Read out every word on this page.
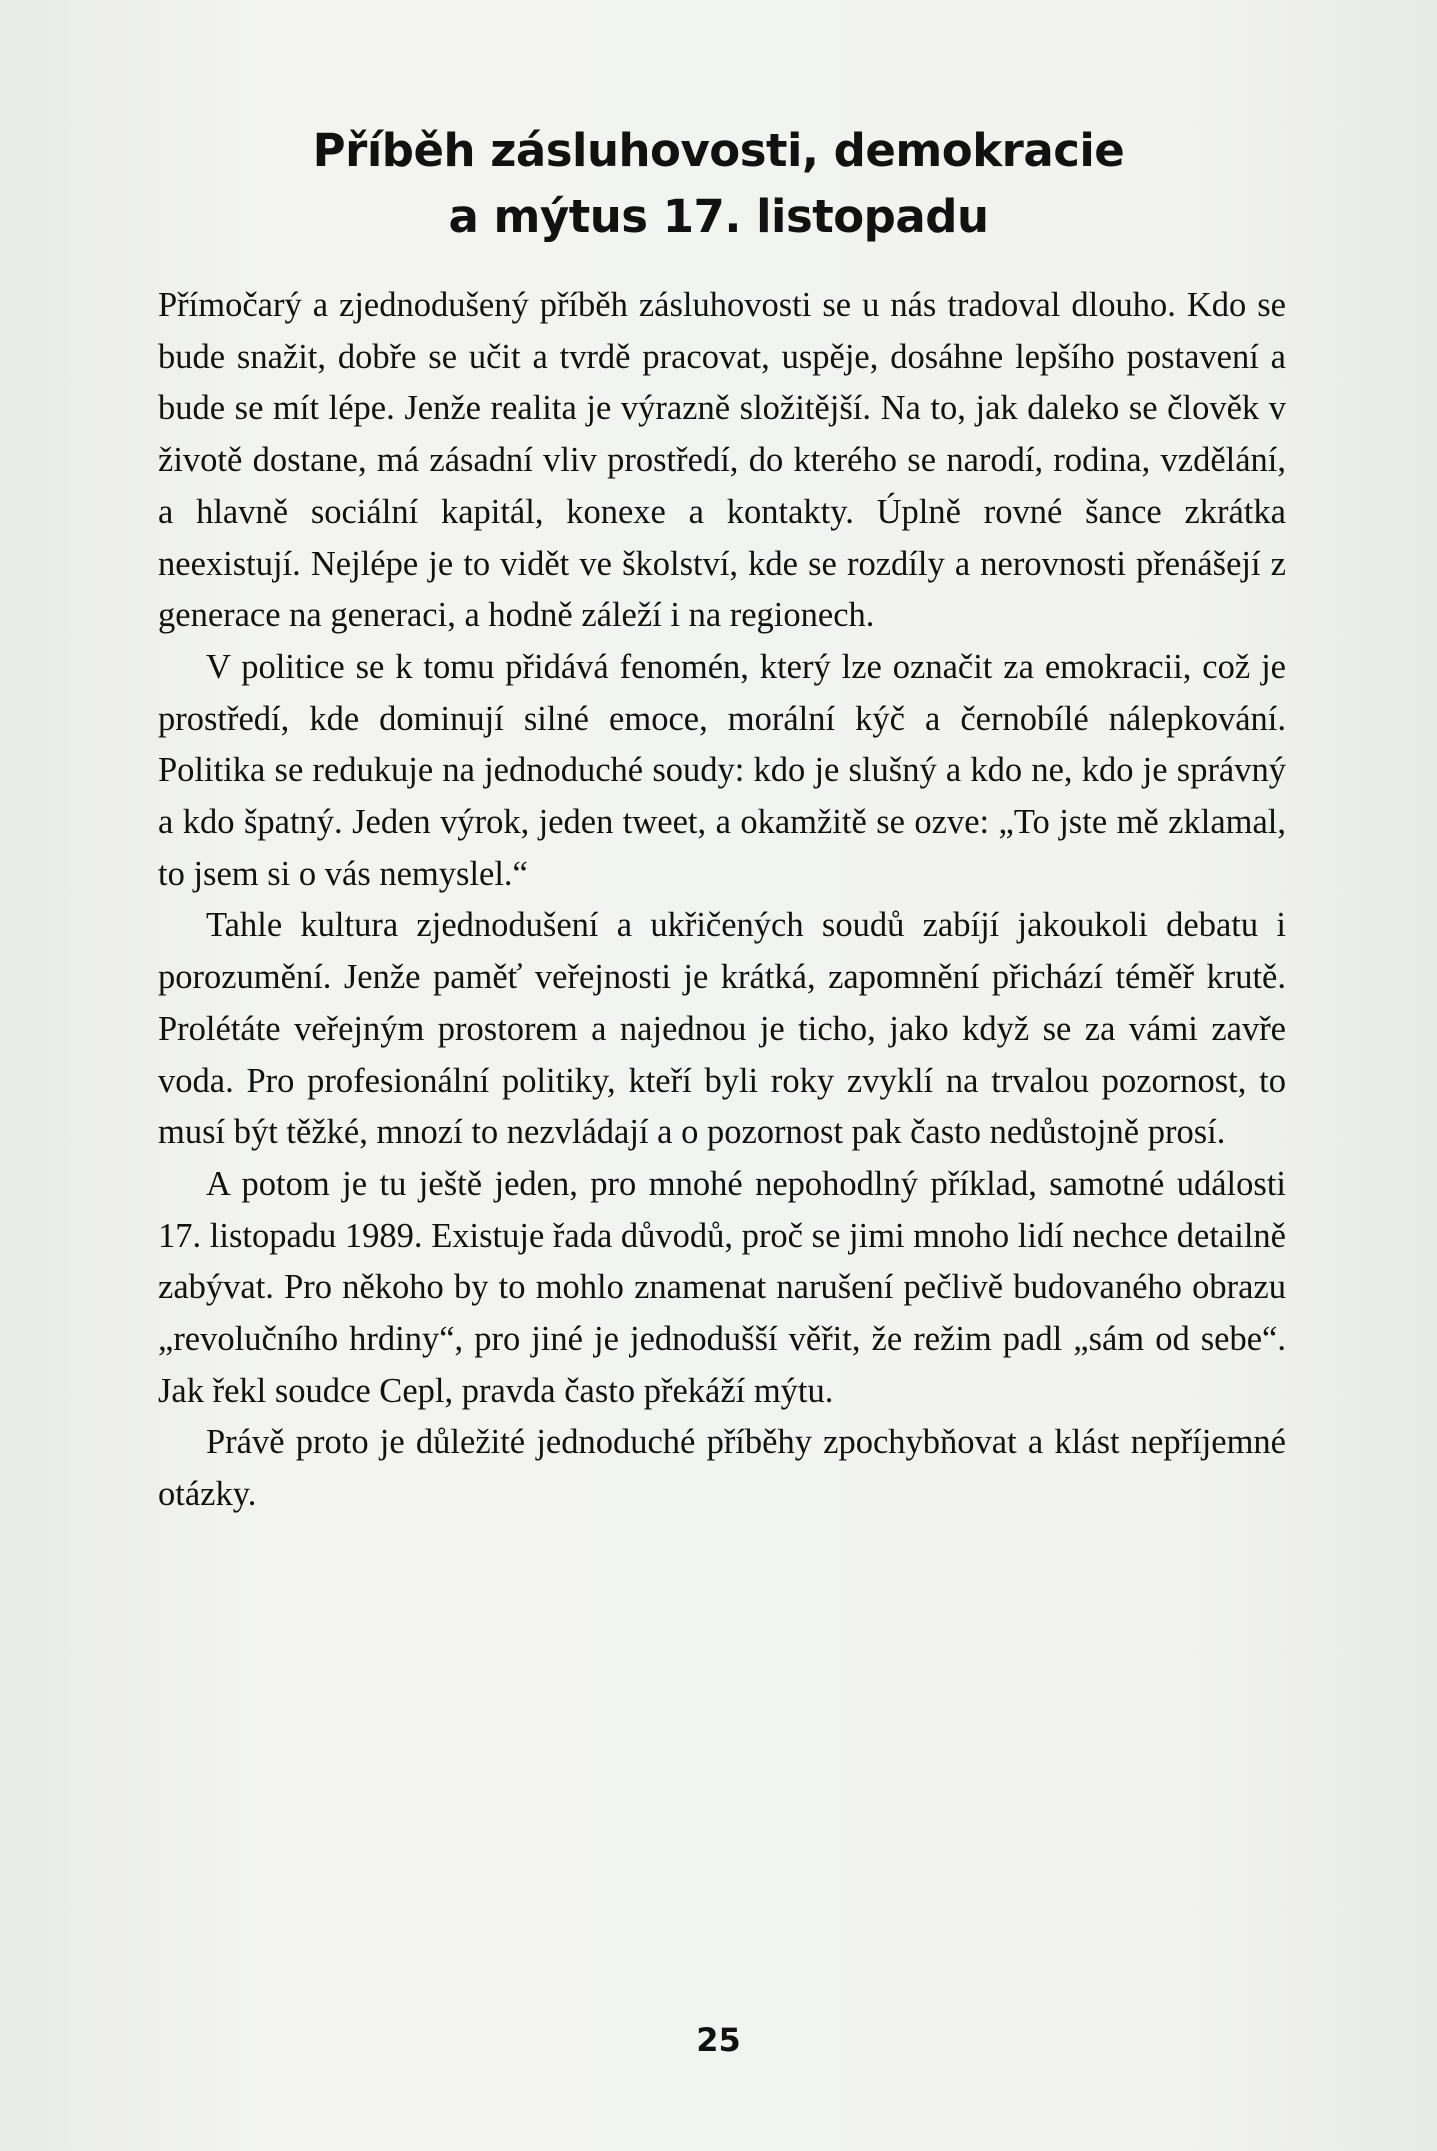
Příběh zásluhovosti, demokracie
a mýtus 17. listopadu

Přímočarý a zjednodušený příběh zásluhovosti se u nás tradoval dlouho. Kdo se bude snažit, dobře se učit a tvrdě pracovat, uspěje, dosáhne lepšího postavení a bude se mít lépe. Jenže realita je výrazně složitější. Na to, jak daleko se člověk v životě dostane, má zásadní vliv prostředí, do kterého se narodí, rodina, vzdělání, a hlavně sociální kapitál, konexe a kontakty. Úplně rovné šance zkrátka neexistují. Nejlépe je to vidět ve školství, kde se rozdíly a nerovnosti přenášejí z generace na generaci, a hodně záleží i na regionech.

V politice se k tomu přidává fenomén, který lze označit za emokracii, což je prostředí, kde dominují silné emoce, morální kýč a černobílé nálepkování. Politika se redukuje na jednoduché soudy: kdo je slušný a kdo ne, kdo je správný a kdo špatný. Jeden výrok, jeden tweet, a okamžitě se ozve: „To jste mě zklamal, to jsem si o vás nemyslel.“

Tahle kultura zjednodušení a ukřičených soudů zabíjí jakoukoli debatu i porozumění. Jenže paměť veřejnosti je krátká, zapomnění přichází téměř krutě. Prolétáte veřejným prostorem a najednou je ticho, jako když se za vámi zavře voda. Pro profesionální politiky, kteří byli roky zvyklí na trvalou pozornost, to musí být těžké, mnozí to nezvládají a o pozornost pak často nedůstojně prosí.

A potom je tu ještě jeden, pro mnohé nepohodlný příklad, samotné události 17. listopadu 1989. Existuje řada důvodů, proč se jimi mnoho lidí nechce detailně zabývat. Pro někoho by to mohlo znamenat narušení pečlivě budovaného obrazu „revolučního hrdiny“, pro jiné je jednodušší věřit, že režim padl „sám od sebe“. Jak řekl soudce Cepl, pravda často překáží mýtu.

Právě proto je důležité jednoduché příběhy zpochybňovat a klást nepříjemné otázky.

25
